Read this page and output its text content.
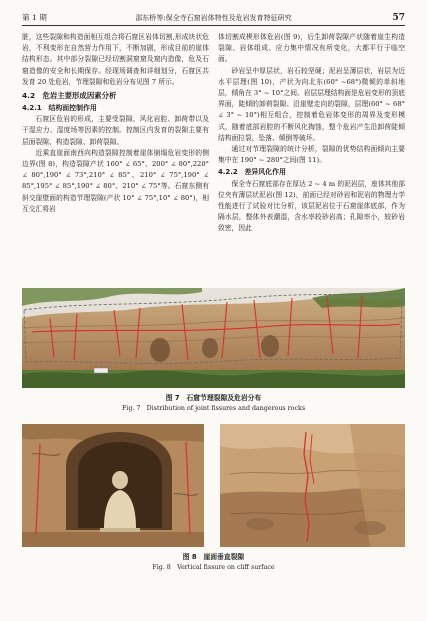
第 1 期	邵东桥等:保全寺石窟岩体特性及危岩发育特征研究	57

脏，这些裂隙和构造面相互组合将石窟区岩体切割,形成块状危岩，不利变形在自然营力作用下，不断加剧，形成目前的崖体结构形态。其中部分裂隙已经切割洞窟窟及窟内造像，危及石窟造像的安全和长期保存。经现场调查和详细划分，石窟区共发育 20 处危岩，节理裂隙和危岩分布见图 7 所示。

4.2　危岩主要形成因素分析
4.2.1　结构面控制作用

石窟区危岩的形成，主要受裂隙、风化岩腔、卸荷带以及干湿应力、湿度场等因素的控制。控制区内发育的裂隙主要有层面裂隙、构造裂隙、卸荷裂隙。

近乘直崖面南西向构造裂隙控制着崖体崩塌危岩变形的侧边界(图 8)，构造裂隙产状 160° ∠ 65°、200° ∠ 80°,220° ∠ 80°,190° ∠ 73°,210° ∠ 85°、210° ∠ 75°,190° ∠ 85°,195° ∠ 85°,190° ∠ 80°、210° ∠ 75°等。石窟东侧有斜交崖壁面的构造节理裂隙(产状 10° ∠ 75°,10° ∠ 80°)，相互交汇将岩

体切割成楔形体危岩(图 9)，后生卸荷裂隙产状随着崖生构造裂隙、岩体组成、应力集中情况有所变化，大都平行于临空面。

砂岩呈中厚层状，岩石较坚硬；泥岩呈薄层状，岩层为近水平层理(图 10)，产状为向北东(60° ~68°)微倾的单斜地层，倾角在 3° ~ 10°之间。岩层层理结构面是危岩变形的顶底界面，陡倾的卸荷裂隙、沿崖壁走向的裂隙，层理(60° ~ 68° ∠ 3° ~ 10°)相互组合，控制着危岩体变形的周界及变形模式，随着底部岩腔的不断风化掏蚀，整个危岩产生沿卸荷陡倾结构面拉裂，坠落、倾倒等破坏。

通过对节理裂隙的统计分析，裂隙的优势结构面倾向主要集中在 190° ~ 280°之间(图 11)。

4.2.2　差异风化作用

保全寺石窟底部存在厚达 2 ~ 4 m 的泥岩层，座体其他部位夹有薄层状泥岩(图 12)，前面已经对砂岩和泥岩的物理力学性能进行了试验对比分析，该层泥岩位于石窟崖体底部，作为隔水层，整体外表潮湿，含水率较砂岩高；孔隙率小，较砂岩致密，因此

图 7　石窟节理裂隙及危岩分布
Fig. 7　Distribution of joint fissures and dangerous rocks
图 8　崖面垂直裂隙
Fig. 8　Vertical fissure on cliff surface
